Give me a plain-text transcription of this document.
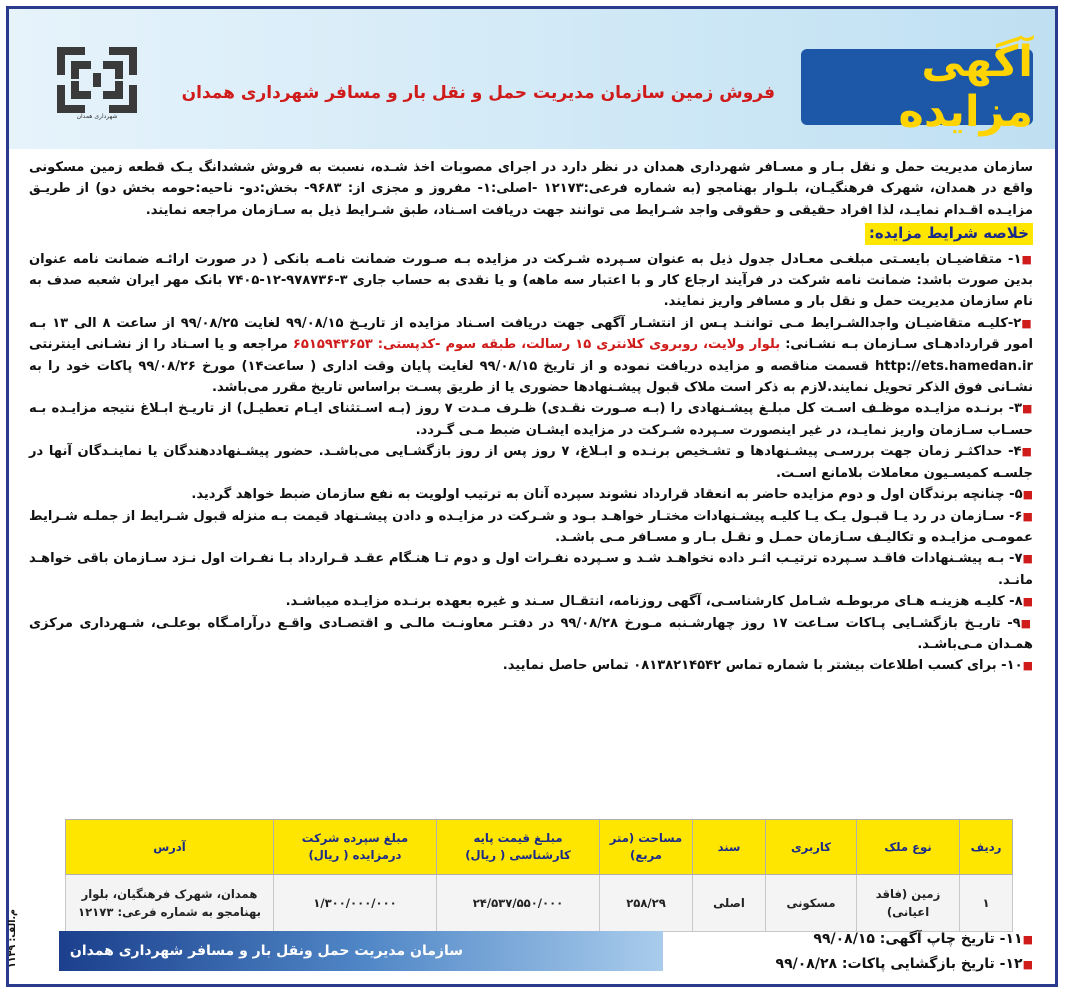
شهرداری همدان
آگهی مزایده
فروش زمین سازمان مدیریت حمل و نقل بار و مسافر شهرداری همدان

سازمان مدیریت حمل و نقل بـار و مسـافر شهرداری همدان در نظر دارد در اجرای مصوبات اخذ شـده، نسبت به فروش ششدانگ یـک قطعه زمین مسکونی واقع در همدان، شهرک فرهنگیـان، بلـوار بهنامجو (به شماره فرعی:۱۲۱۷۳ -اصلی:۱- مفروز و مجزی از: ۹۶۸۳- بخش:دو- ناحیه:حومه بخش دو) از طریـق مزایـده اقـدام نمایـد، لذا افراد حقیقی و حقوقی واجد شـرایط می توانند جهت دریافت اسـناد، طبق شـرایط ذیل به سـازمان مراجعه نمایند.

خلاصه شرایط مزایده:

■۱- متقاضیـان بایسـتی مبلغـی معـادل جدول ذیل به عنوان سـپرده شـرکت در مزایده بـه صـورت ضمانت نامـه بانکی ( در صورت ارائـه ضمانت نامه عنوان بدین صورت باشد: ضمانت نامه شرکت در فرآیند ارجاع کار و با اعتبار سه ماهه) و یا نقدی به حساب جاری ۳-۹۷۸۷۳۶-۱۲-۷۴۰۵ بانک مهر ایران شعبه صدف به نام سازمان مدیریت حمل و نقل بار و مسافر واریز نمایند.

■۲-کلیـه متقاضیـان واجدالشـرایط مـی تواننـد پـس از انتشـار آگهی جهت دریافت اسـناد مزایده از تاریـخ ۹۹/۰۸/۱۵ لغایت ۹۹/۰۸/۲۵ از ساعت ۸ الی ۱۳ بـه امور قراردادهـای سـازمان بـه نشـانی: بلوار ولایت، روبروی کلانتری ۱۵ رسالت، طبقه سوم -کدپستی: ۶۵۱۵۹۴۳۶۵۳ مراجعه و یا اسـناد را از نشـانی اینترنتی http://ets.hamedan.ir قسمت مناقصه و مزایده دریافت نموده و از تاریخ ۹۹/۰۸/۱۵ لغایت پایان وقت اداری ( ساعت۱۴) مورخ ۹۹/۰۸/۲۶ پاکات خود را به نشـانی فوق الذکر تحویل نمایند.لازم به ذکر است ملاک قبول پیشـنهادها حضوری یا از طریق پسـت براساس تاریخ مقرر می‌باشد.

■۳- برنـده مزایـده موظـف اسـت کل مبلـغ پیشـنهادی را (بـه صـورت نقـدی) ظـرف مـدت ۷ روز (بـه اسـتثنای ایـام تعطیـل) از تاریـخ ابـلاغ نتیجه مزایـده بـه حسـاب سـازمان واریز نمایـد، در غیر اینصورت سـپرده شـرکت در مزایده ایشـان ضبط مـی گـردد.

■۴- حداکثـر زمان جهت بررسـی پیشـنهادها و تشـخیص برنـده و ابـلاغ، ۷ روز پس از روز بازگشـایی می‌باشـد. حضور پیشـنهاددهندگان یا نماینـدگان آنها در جلسـه کمیسـیون معاملات بلامانع اسـت.

■۵- چنانچه برندگان اول و دوم مزایده حاضر به انعقاد قرارداد نشوند سپرده آنان به ترتیب اولویت به نفع سازمان ضبط خواهد گردید.

■۶- سـازمان در رد یـا قبـول یـک یـا کلیـه پیشـنهادات مختـار خواهـد بـود و شـرکت در مزایـده و دادن پیشـنهاد قیمت بـه منزله قبول شـرایط از جملـه شـرایط عمومـی مزایـده و تکالیـف سـازمان حمـل و نقـل بـار و مسـافر مـی باشـد.

■۷- بـه پیشـنهادات فاقـد سـپرده ترتیـب اثـر داده نخواهـد شـد و سـپرده نفـرات اول و دوم تـا هنـگام عقـد قـرارداد بـا نفـرات اول نـزد سـازمان باقی خواهـد مانـد.

■۸- کلیـه هزینـه هـای مربوطـه شـامل کارشناسـی، آگهی روزنامه، انتقـال سـند و غیره بعهده برنـده مزایـده میباشـد.

■۹- تاریـخ بازگشـایی پـاکات سـاعت ۱۷ روز چهارشـنبه مـورخ ۹۹/۰۸/۲۸ در دفتـر معاونـت مالـی و اقتصـادی واقـع درآرامـگاه بوعلـی، شـهرداری مرکزی همـدان مـی‌باشـد.

■۱۰- برای کسب اطلاعات بیشتر با شماره تماس ۰۸۱۳۸۲۱۴۵۴۲ تماس حاصل نمایید.

ردیف	نوع ملک	کاربری	سند	مساحت (متر مربع)	مبلـغ قیمت پایه کارشناسی ( ریال)	مبلغ سپرده شرکت درمزایده ( ریال)	آدرس
۱	زمین (فاقد اعیانی)	مسکونی	اصلی	۲۵۸/۲۹	۲۴/۵۳۷/۵۵۰/۰۰۰	۱/۳۰۰/۰۰۰/۰۰۰	همدان، شهرک فرهنگیان، بلوار بهنامجو به شماره فرعی: ۱۲۱۷۳
سازمان مدیریت حمل ونقل بار و مسافر شهرداری همدان
■۱۱- تاریخ چاپ آگهی: ۹۹/۰۸/۱۵
■۱۲- تاریخ بازگشایی پاکات: ۹۹/۰۸/۲۸
م.الف: ۱۱۳۹
